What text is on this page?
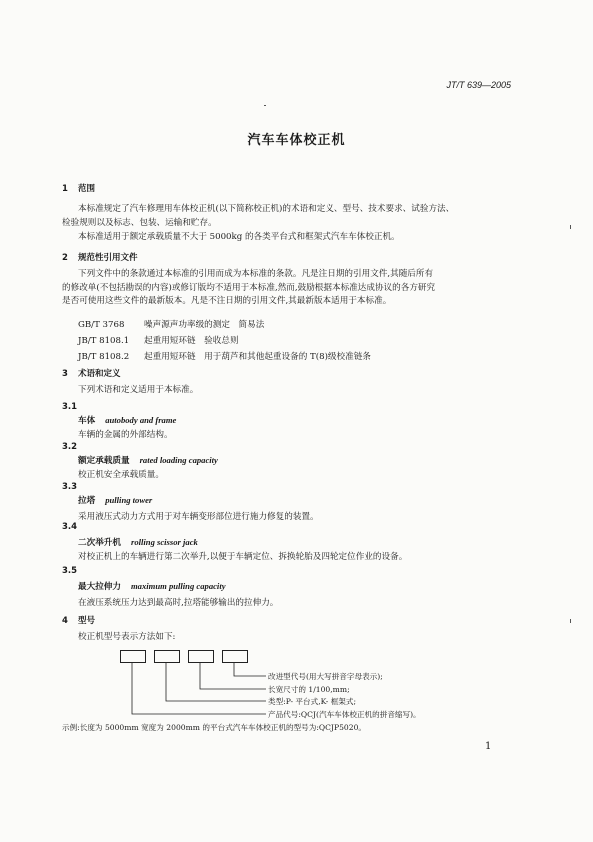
JT/T 639—2005
汽车车体校正机
1 范围
本标准规定了汽车修理用车体校正机(以下简称校正机)的术语和定义、型号、技术要求、试验方法、
检验规则以及标志、包装、运输和贮存。
本标准适用于额定承载质量不大于 5000kg 的各类平台式和框架式汽车车体校正机。
2 规范性引用文件
下列文件中的条款通过本标准的引用而成为本标准的条款。凡是注日期的引用文件,其随后所有
的修改单(不包括勘误的内容)或修订版均不适用于本标准,然而,鼓励根据本标准达成协议的各方研究
是否可使用这些文件的最新版本。凡是不注日期的引用文件,其最新版本适用于本标准。
GB/T 3768 噪声源声功率级的测定　简易法
JB/T 8108.1 起重用短环链　验收总则
JB/T 8108.2 起重用短环链　用于葫芦和其他起重设备的 T(8)级校准链条
3 术语和定义
下列术语和定义适用于本标准。
3.1
车体 autobody and frame
车辆的金属的外部结构。
3.2
额定承载质量 rated loading capacity
校正机安全承载质量。
3.3
拉塔 pulling tower
采用液压式动力方式用于对车辆变形部位进行施力修复的装置。
3.4
二次举升机 rolling scissor jack
对校正机上的车辆进行第二次举升,以便于车辆定位、拆换轮胎及四轮定位作业的设备。
3.5
最大拉伸力 maximum pulling capacity
在液压系统压力达到最高时,拉塔能够输出的拉伸力。
4 型号
校正机型号表示方法如下:
改进型代号(用大写拼音字母表示);
长宽尺寸的 1/100,mm;
类型:P- 平台式,K- 框架式;
产品代号:QCJ(汽车车体校正机的拼音缩写)。
示例:长度为 5000mm 宽度为 2000mm 的平台式汽车车体校正机的型号为:QCJP5020。
1
